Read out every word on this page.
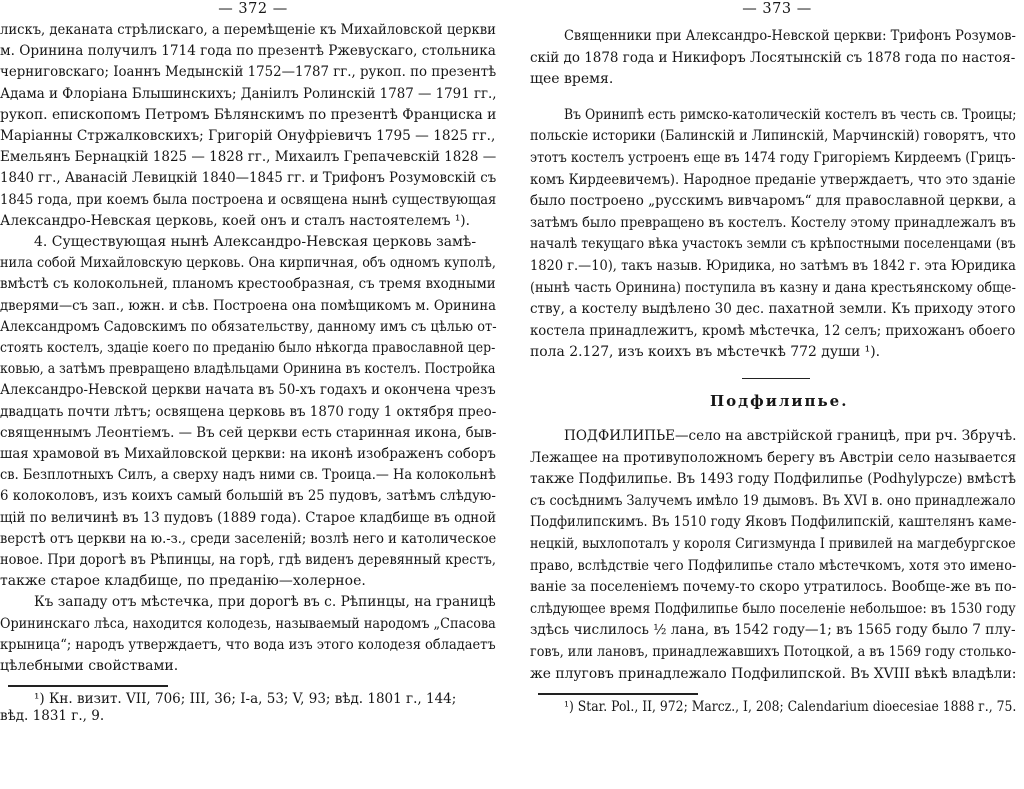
— 372 —
лискъ, деканата стрѣлискаго, а перемѣщеніе къ Михайловской церкви
м. Оринина получилъ 1714 года по презентѣ Ржевускаго, стольника
черниговскаго; Іоаннъ Медынскій 1752—1787 гг., рукоп. по презентѣ
Адама и Флоріана Блышинскихъ; Даніилъ Ролинскій 1787 — 1791 гг.,
рукоп. епископомъ Петромъ Бѣлянскимъ по презентѣ Франциска и
Маріанны Стржалковскихъ; Григорій Онуфріевичъ 1795 — 1825 гг.,
Емельянъ Бернацкій 1825 — 1828 гг., Михаилъ Грепачевскій 1828 —
1840 гг., Аванасій Левицкій 1840—1845 гг. и Трифонъ Розумовскій съ
1845 года, при коемъ была построена и освящена нынѣ существующая
Александро-Невская церковь, коей онъ и сталъ настоятелемъ ¹).
4. Существующая нынѣ Александро-Невская церковь замѣ-
нила собой Михайловскую церковь. Она кирпичная, объ одномъ куполѣ,
вмѣстѣ съ колокольней, планомъ крестообразная, съ тремя входными
дверями—съ зап., южн. и сѣв. Построена она помѣщикомъ м. Оринина
Александромъ Садовскимъ по обязательству, данному имъ съ цѣлью от-
стоять костелъ, здаціе коего по преданію было нѣкогда православной цер-
ковью, а затѣмъ превращено владѣльцами Оринина въ костелъ. Постройка
Александро-Невской церкви начата въ 50-хъ годахъ и окончена чрезъ
двадцать почти лѣтъ; освящена церковь въ 1870 году 1 октября прео-
священнымъ Леонтіемъ. — Въ сей церкви есть старинная икона, быв-
шая храмовой въ Михайловской церкви: на иконѣ изображенъ соборъ
св. Безплотныхъ Силъ, а сверху надъ ними св. Троица.— На колокольнѣ
6 колоколовъ, изъ коихъ самый большій въ 25 пудовъ, затѣмъ слѣдую-
щій по величинѣ въ 13 пудовъ (1889 года). Старое кладбище въ одной
верстѣ отъ церкви на ю.-з., среди заселеній; возлѣ него и католическое
новое. При дорогѣ въ Рѣпинцы, на горѣ, гдѣ виденъ деревянный крестъ,
также старое кладбище, по преданію—холерное.
Къ западу отъ мѣстечка, при дорогѣ въ с. Рѣпинцы, на границѣ
Орининскаго лѣса, находится колодезь, называемый народомъ „Спасова
крыница“; народъ утверждаетъ, что вода изъ этого колодезя обладаетъ
цѣлебными свойствами.
¹) Кн. визит. VII, 706; III, 36; I-a, 53; V, 93; вѣд. 1801 г., 144;
вѣд. 1831 г., 9.
— 373 —
Священники при Александро-Невской церкви: Трифонъ Розумов-
скій до 1878 года и Никифоръ Лосятынскій съ 1878 года по настоя-
щее время.
Въ Оринипѣ есть римско-католическій костелъ въ честь св. Троицы;
польскіе историки (Балинскій и Липинскій, Марчинскій) говорятъ, что
этотъ костелъ устроенъ еще въ 1474 году Григоріемъ Кирдеемъ (Грицъ-
комъ Кирдеевичемъ). Народное преданіе утверждаетъ, что это зданіе
было построено „русскимъ вивчаромъ“ для православной церкви, а
затѣмъ было превращено въ костелъ. Костелу этому принадлежалъ въ
началѣ текущаго вѣка участокъ земли съ крѣпостными поселенцами (въ
1820 г.—10), такъ назыв. Юридика, но затѣмъ въ 1842 г. эта Юридика
(нынѣ часть Оринина) поступила въ казну и дана крестьянскому обще-
ству, а костелу выдѣлено 30 дес. пахатной земли. Къ приходу этого
костела принадлежитъ, кромѣ мѣстечка, 12 селъ; прихожанъ обоего
пола 2.127, изъ коихъ въ мѣстечкѣ 772 души ¹).
Подфилипье.
ПОДФИЛИПЬЕ—село на австрійской границѣ, при рч. Збручѣ.
Лежащее на противуположномъ берегу въ Австріи село называется
также Подфилипье. Въ 1493 году Подфилипье (Podhylypcze) вмѣстѣ
съ сосѣднимъ Залучемъ имѣло 19 дымовъ. Въ XVI в. оно принадлежало
Подфилипскимъ. Въ 1510 году Яковъ Подфилипскій, каштелянъ каме-
нецкій, выхлопоталъ у короля Сигизмунда I привилей на магдебургское
право, вслѣдствіе чего Подфилипье стало мѣстечкомъ, хотя это имено-
ваніе за поселеніемъ почему-то скоро утратилось. Вообще-же въ по-
слѣдующее время Подфилипье было поселеніе небольшое: въ 1530 году
здѣсь числилось ½ лана, въ 1542 году—1; въ 1565 году было 7 плу-
говъ, или лановъ, принадлежавшихъ Потоцкой, а въ 1569 году столько-
же плуговъ принадлежало Подфилипской. Въ XVIII вѣкѣ владѣли:
¹) Star. Pol., II, 972; Marcz., I, 208; Calendarium dioecesiae 1888 г., 75.
